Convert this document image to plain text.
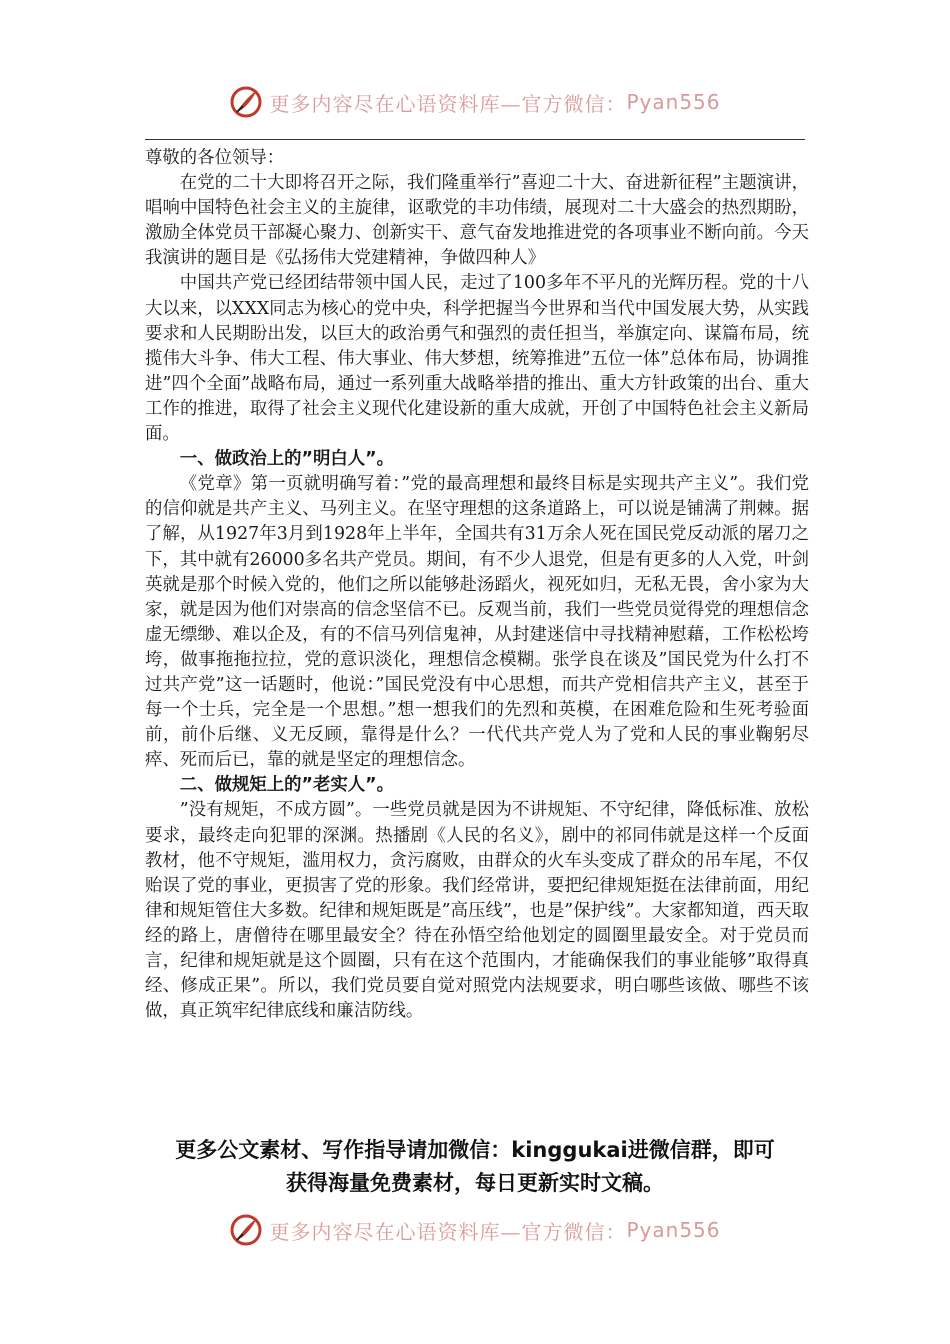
更多内容尽在心语资料库—官方微信： Pyan556

尊敬的各位领导：

在党的二十大即将召开之际，我们隆重举行”喜迎二十大、奋进新征程”主题演讲，唱响中国特色社会主义的主旋律，讴歌党的丰功伟绩，展现对二十大盛会的热烈期盼，激励全体党员干部凝心聚力、创新实干、意气奋发地推进党的各项事业不断向前。今天我演讲的题目是《弘扬伟大党建精神，争做四种人》

中国共产党已经团结带领中国人民，走过了100多年不平凡的光辉历程。党的十八大以来，以XXX同志为核心的党中央，科学把握当今世界和当代中国发展大势，从实践要求和人民期盼出发，以巨大的政治勇气和强烈的责任担当，举旗定向、谋篇布局，统揽伟大斗争、伟大工程、伟大事业、伟大梦想，统筹推进”五位一体”总体布局，协调推进”四个全面”战略布局，通过一系列重大战略举措的推出、重大方针政策的出台、重大工作的推进，取得了社会主义现代化建设新的重大成就，开创了中国特色社会主义新局面。

一、做政治上的”明白人”。

《党章》第一页就明确写着：”党的最高理想和最终目标是实现共产主义”。我们党的信仰就是共产主义、马列主义。在坚守理想的这条道路上，可以说是铺满了荆棘。据了解，从1927年3月到1928年上半年，全国共有31万余人死在国民党反动派的屠刀之下，其中就有26000多名共产党员。期间，有不少人退党，但是有更多的人入党，叶剑英就是那个时候入党的，他们之所以能够赴汤蹈火，视死如归，无私无畏，舍小家为大家，就是因为他们对崇高的信念坚信不已。反观当前，我们一些党员觉得党的理想信念虚无缥缈、难以企及，有的不信马列信鬼神，从封建迷信中寻找精神慰藉，工作松松垮垮，做事拖拖拉拉，党的意识淡化，理想信念模糊。张学良在谈及”国民党为什么打不过共产党”这一话题时，他说：”国民党没有中心思想，而共产党相信共产主义，甚至于每一个士兵，完全是一个思想。”想一想我们的先烈和英模，在困难危险和生死考验面前，前仆后继、义无反顾，靠得是什么？一代代共产党人为了党和人民的事业鞠躬尽瘁、死而后已，靠的就是坚定的理想信念。

二、做规矩上的”老实人”。

”没有规矩，不成方圆”。一些党员就是因为不讲规矩、不守纪律，降低标准、放松要求，最终走向犯罪的深渊。热播剧《人民的名义》，剧中的祁同伟就是这样一个反面教材，他不守规矩，滥用权力，贪污腐败，由群众的火车头变成了群众的吊车尾，不仅贻误了党的事业，更损害了党的形象。我们经常讲，要把纪律规矩挺在法律前面，用纪律和规矩管住大多数。纪律和规矩既是”高压线”，也是”保护线”。大家都知道，西天取经的路上，唐僧待在哪里最安全？待在孙悟空给他划定的圆圈里最安全。对于党员而言，纪律和规矩就是这个圆圈，只有在这个范围内，才能确保我们的事业能够”取得真经、修成正果”。所以，我们党员要自觉对照党内法规要求，明白哪些该做、哪些不该做，真正筑牢纪律底线和廉洁防线。

更多公文素材、写作指导请加微信：kinggukai进微信群，即可
获得海量免费素材，每日更新实时文稿。
更多内容尽在心语资料库—官方微信： Pyan556
